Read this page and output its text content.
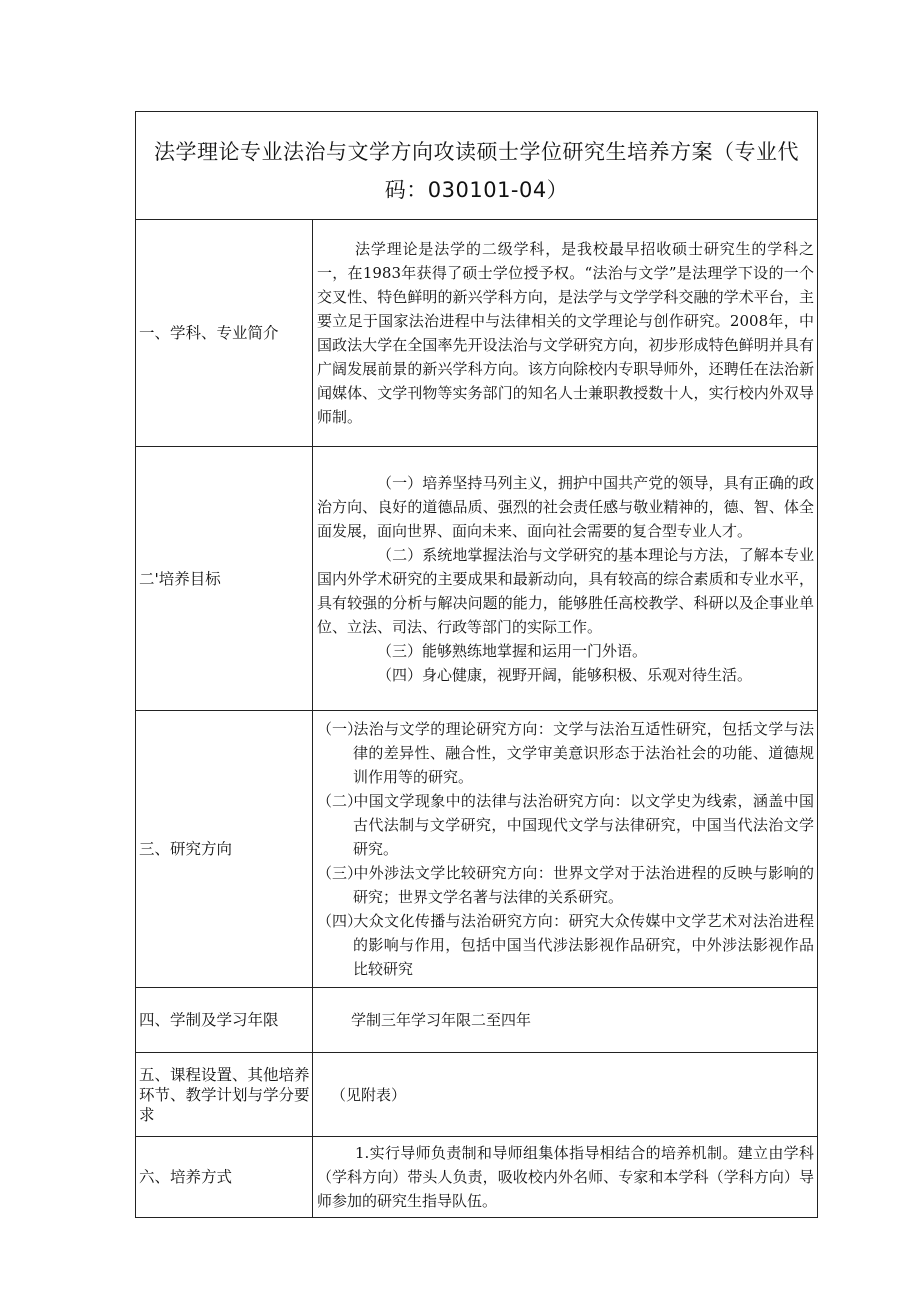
法学理论专业法治与文学方向攻读硕士学位研究生培养方案（专业代码：030101-04）	
一、学科、专业简介	法学理论是法学的二级学科，是我校最早招收硕士研究生的学科之一，在1983年获得了硕士学位授予权。“法治与文学”是法理学下设的一个交叉性、特色鲜明的新兴学科方向，是法学与文学学科交融的学术平台，主要立足于国家法治进程中与法律相关的文学理论与创作研究。2008年，中国政法大学在全国率先开设法治与文学研究方向，初步形成特色鲜明并具有广阔发展前景的新兴学科方向。该方向除校内专职导师外，还聘任在法治新闻媒体、文学刊物等实务部门的知名人士兼职教授数十人，实行校内外双导师制。

二'培养目标	（一）培养坚持马列主义，拥护中国共产党的领导，具有正确的政治方向、良好的道德品质、强烈的社会责任感与敬业精神的，德、智、体全面发展，面向世界、面向未来、面向社会需要的复合型专业人才。

（二）系统地掌握法治与文学研究的基本理论与方法，了解本专业国内外学术研究的主要成果和最新动向，具有较高的综合素质和专业水平，具有较强的分析与解决问题的能力，能够胜任高校教学、科研以及企事业单位、立法、司法、行政等部门的实际工作。

（三）能够熟练地掌握和运用一门外语。

（四）身心健康，视野开阔，能够积极、乐观对待生活。

三、研究方向	（一）法治与文学的理论研究方向：文学与法治互适性研究，包括文学与法律的差异性、融合性，文学审美意识形态于法治社会的功能、道德规训作用等的研究。

（二）中国文学现象中的法律与法治研究方向：以文学史为线索，涵盖中国古代法制与文学研究，中国现代文学与法律研究，中国当代法治文学研究。

（三）中外涉法文学比较研究方向：世界文学对于法治进程的反映与影响的研究；世界文学名著与法律的关系研究。

（四）大众文化传播与法治研究方向：研究大众传媒中文学艺术对法治进程的影响与作用，包括中国当代涉法影视作品研究，中外涉法影视作品比较研究

四、学制及学习年限	学制三年学习年限二至四年

五、课程设置、其他培养环节、教学计划与学分要求	（见附表）

六、培养方式	1.实行导师负责制和导师组集体指导相结合的培养机制。建立由学科（学科方向）带头人负责，吸收校内外名师、专家和本学科（学科方向）导师参加的研究生指导队伍。
